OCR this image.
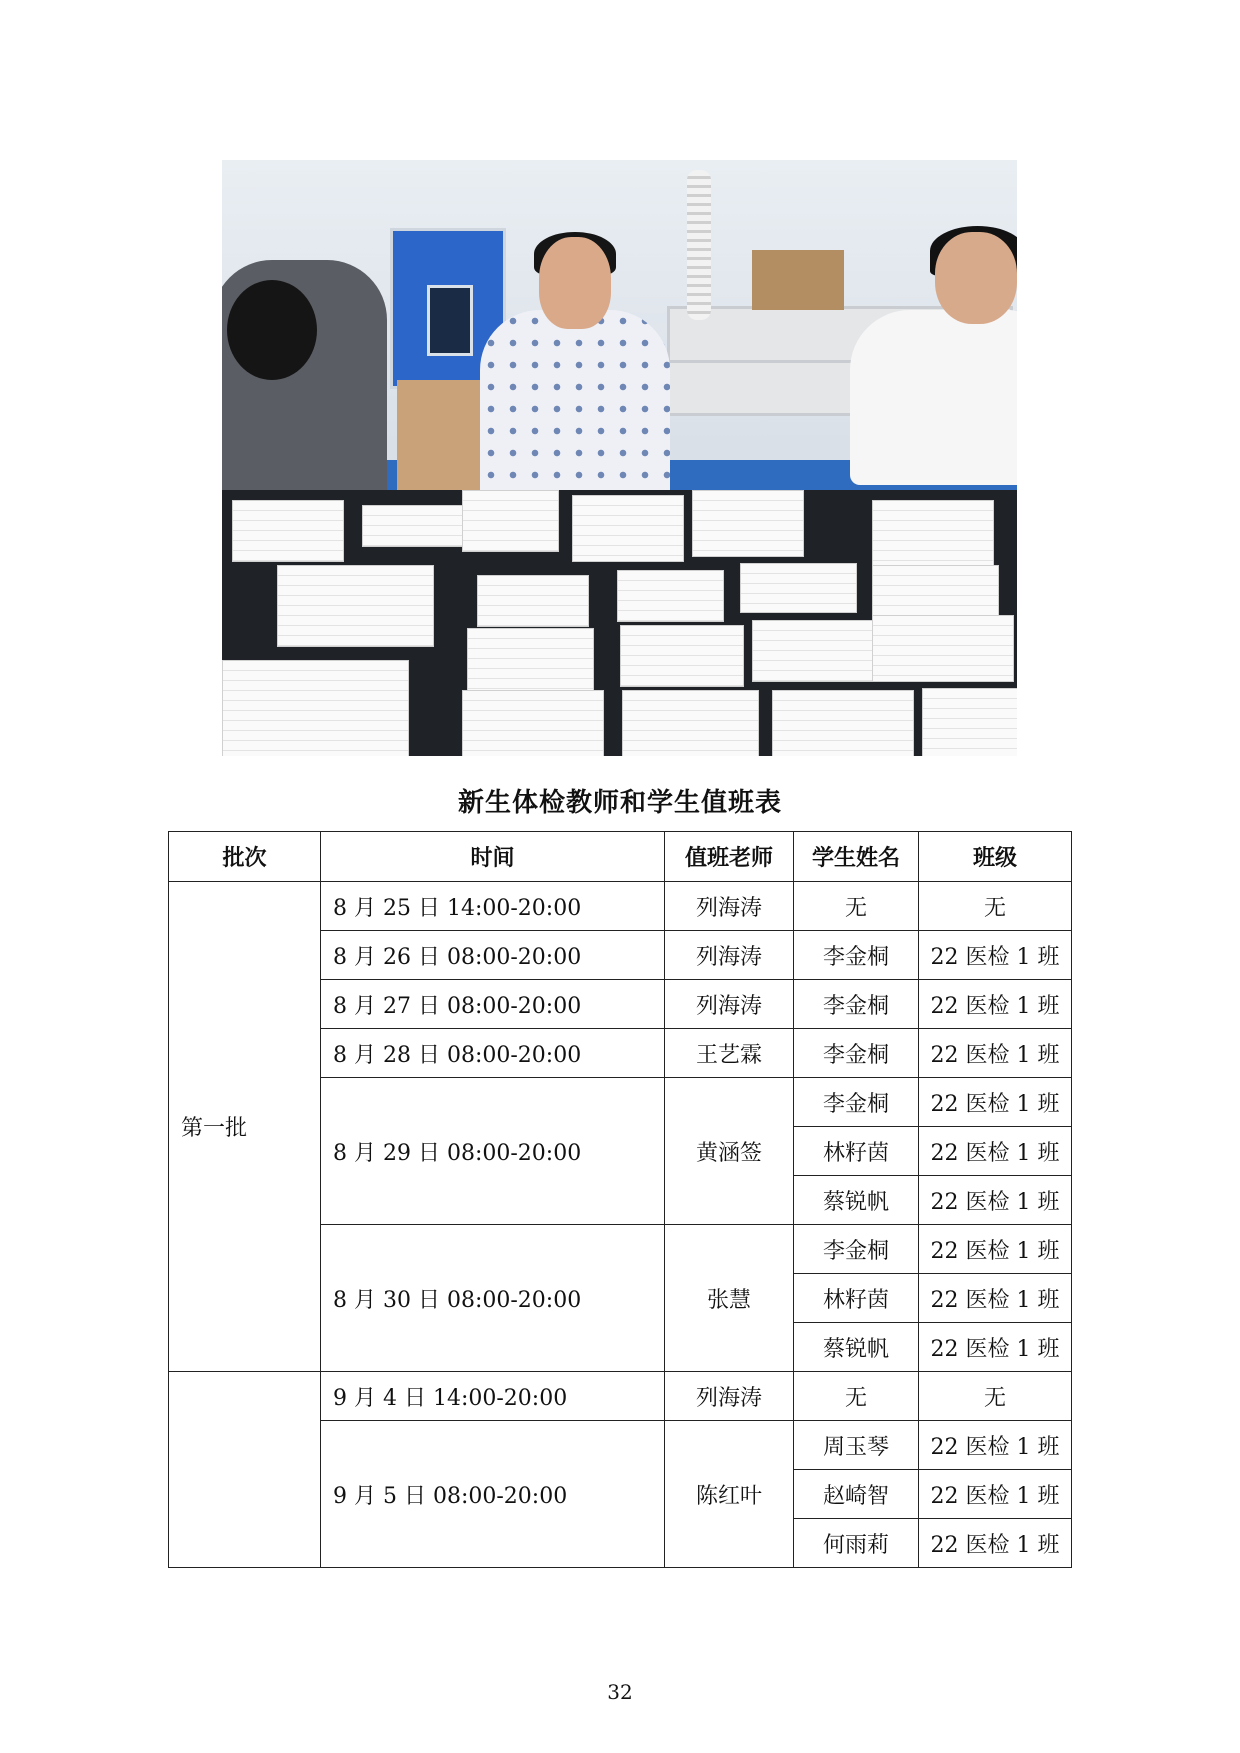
新生体检教师和学生值班表
批次	时间	值班老师	学生姓名	班级
第一批	8 月 25 日 14:00-20:00	列海涛	无	无
	8 月 26 日 08:00-20:00	列海涛	李金桐	22 医检 1 班
	8 月 27 日 08:00-20:00	列海涛	李金桐	22 医检 1 班
	8 月 28 日 08:00-20:00	王艺霖	李金桐	22 医检 1 班
	8 月 29 日 08:00-20:00	黄涵签	李金桐	22 医检 1 班
			林籽茵	22 医检 1 班
			蔡锐帆	22 医检 1 班
	8 月 30 日 08:00-20:00	张慧	李金桐	22 医检 1 班
			林籽茵	22 医检 1 班
			蔡锐帆	22 医检 1 班
	9 月 4 日 14:00-20:00	列海涛	无	无
	9 月 5 日 08:00-20:00	陈红叶	周玉琴	22 医检 1 班
			赵崎智	22 医检 1 班
			何雨莉	22 医检 1 班
32
